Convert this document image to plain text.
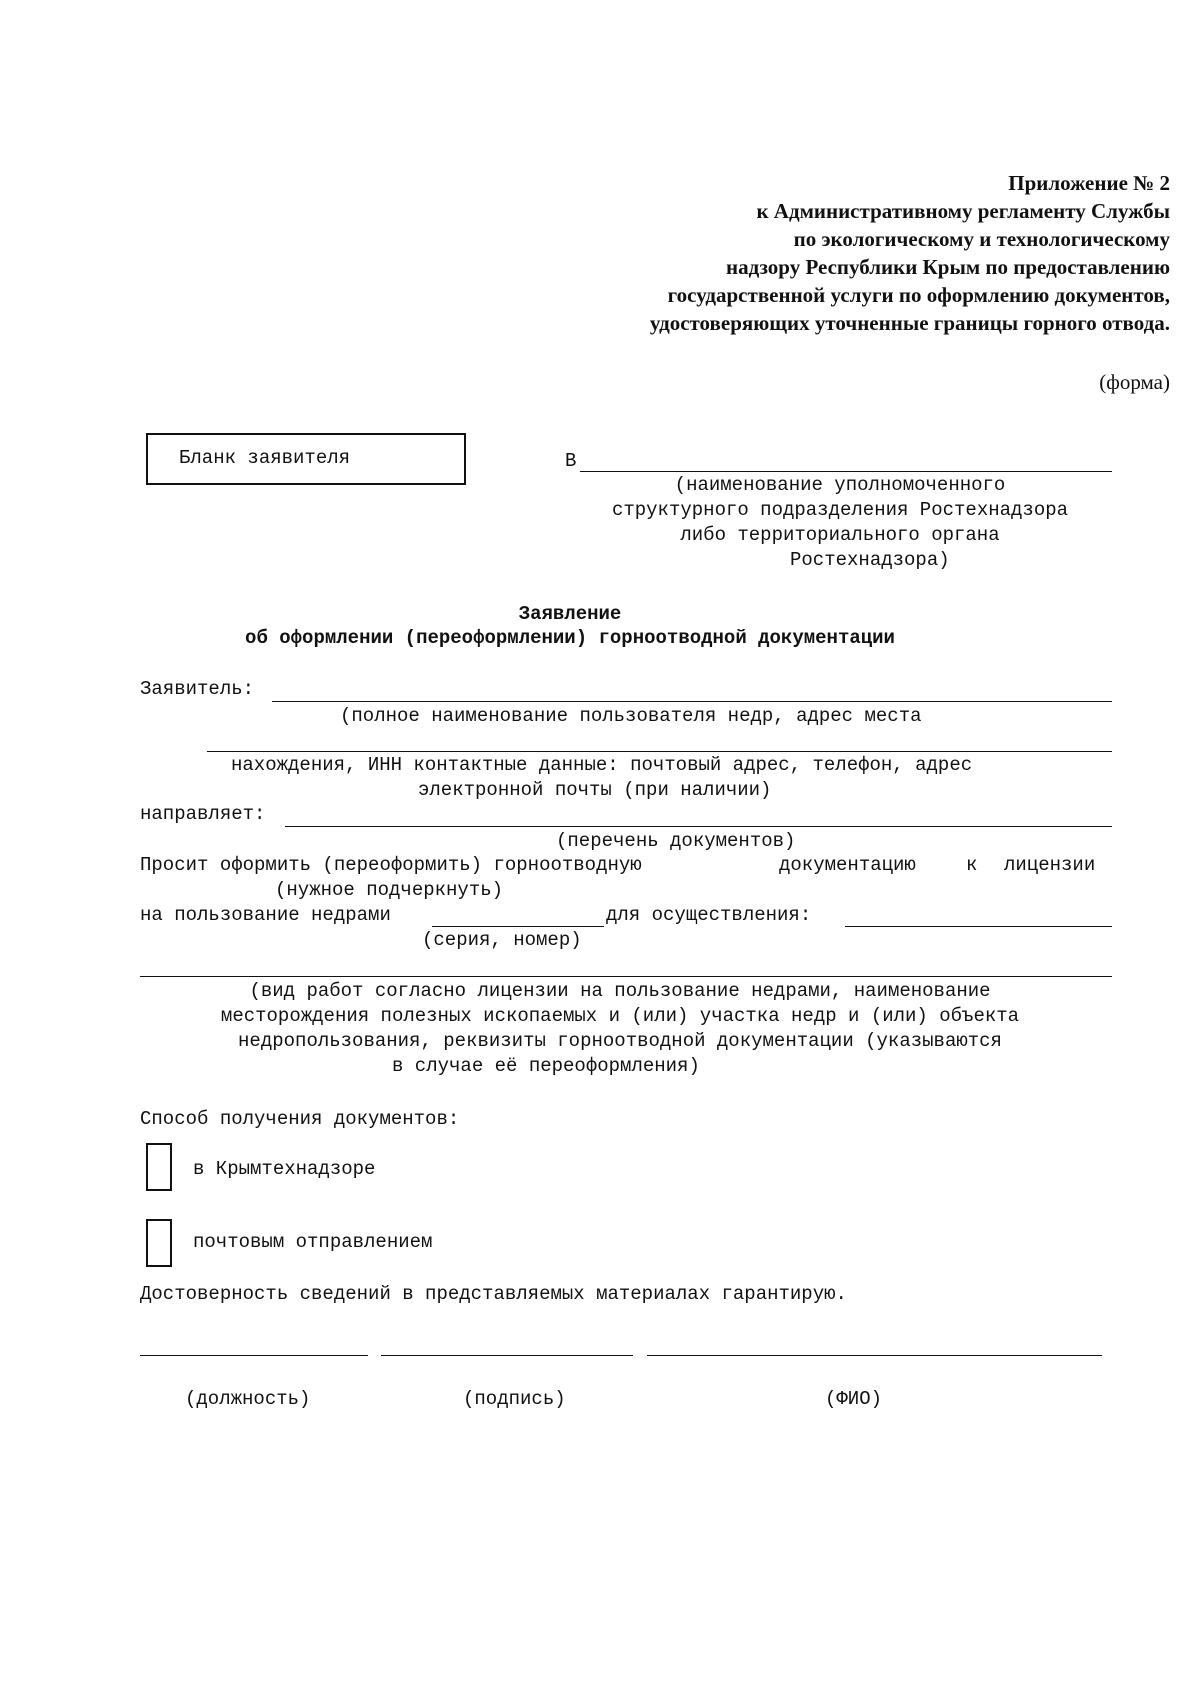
Приложение № 2
к Административному регламенту Службы
по экологическому и технологическому
надзору Республики Крым по предоставлению
государственной услуги по оформлению документов,
удостоверяющих уточненные границы горного отвода.
(форма)
Бланк заявителя	В
(наименование уполномоченного
структурного подразделения Ростехнадзора
либо территориального органа
Ростехнадзора)
Заявление
об оформлении (переоформлении) горноотводной документации
Заявитель:
(полное наименование пользователя недр, адрес места
нахождения, ИНН контактные данные: почтовый адрес, телефон, адрес
электронной почты (при наличии)
направляет:
(перечень документов)
Просит оформить (переоформить) горноотводную	документацию	к лицензии
(нужное подчеркнуть)
на пользование недрами	для осуществления:
(серия, номер)
(вид работ согласно лицензии на пользование недрами, наименование
месторождения полезных ископаемых и (или) участка недр и (или) объекта
недропользования, реквизиты горноотводной документации (указываются
в случае её переоформления)
Способ получения документов:
в Крымтехнадзоре
почтовым отправлением
Достоверность сведений в представляемых материалах гарантирую.
(должность)	(подпись)	(ФИО)
